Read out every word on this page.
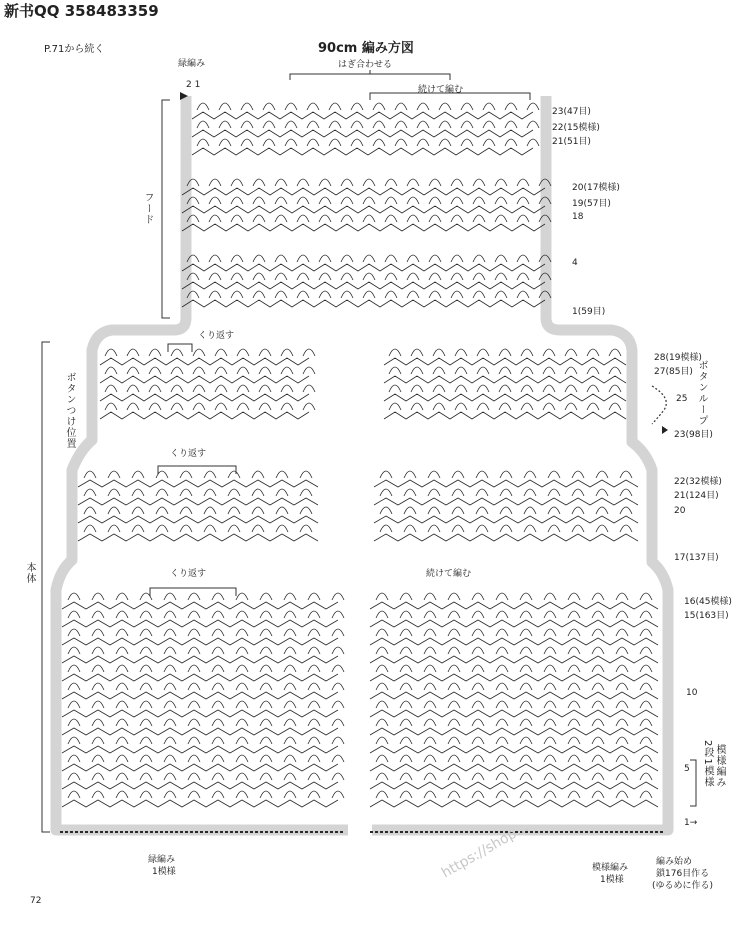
新书QQ 358483359
P.71から続く	90cm 編み方図
https://shop...
緑編み
2 1
はぎ合わせる
続けて編む
フード
23(47目)
22(15模様)
21(51目)
20(17模様)
19(57目)
18
4
1(59目)
くり返す
くり返す
くり返す
ボタンつけ位置	ボタンループ
25
本体	続けて編む
28(19模様)
27(85目)
23(98目)
22(32模様)
21(124目)
20
17(137目)
16(45模様)
15(163目)
10
5
1→
2段1模様 模様編み
緑編み
1模様	模様編み
1模様
編み始め
鎖176目作る
(ゆるめに作る)
72
